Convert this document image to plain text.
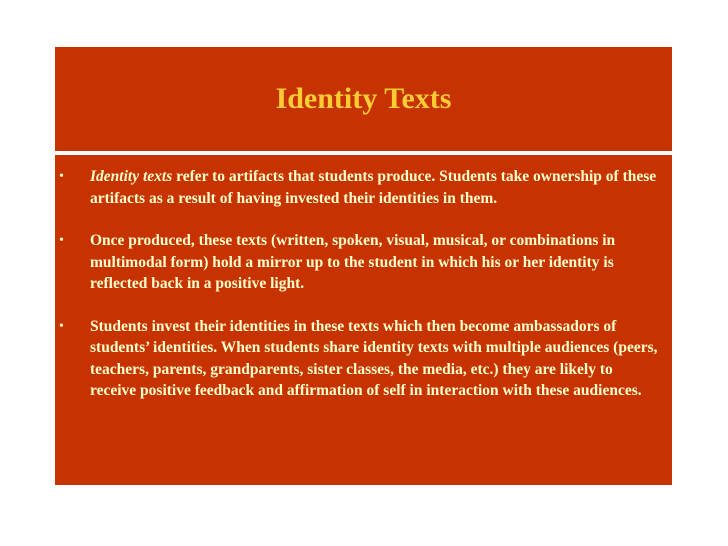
Identity Texts
• Identity texts refer to artifacts that students produce. Students take ownership of these artifacts as a result of having invested their identities in them.
• Once produced, these texts (written, spoken, visual, musical, or combinations in multimodal form) hold a mirror up to the student in which his or her identity is reflected back in a positive light.
• Students invest their identities in these texts which then become ambassadors of students’ identities. When students share identity texts with multiple audiences (peers, teachers, parents, grandparents, sister classes, the media, etc.) they are likely to receive positive feedback and affirmation of self in interaction with these audiences.
